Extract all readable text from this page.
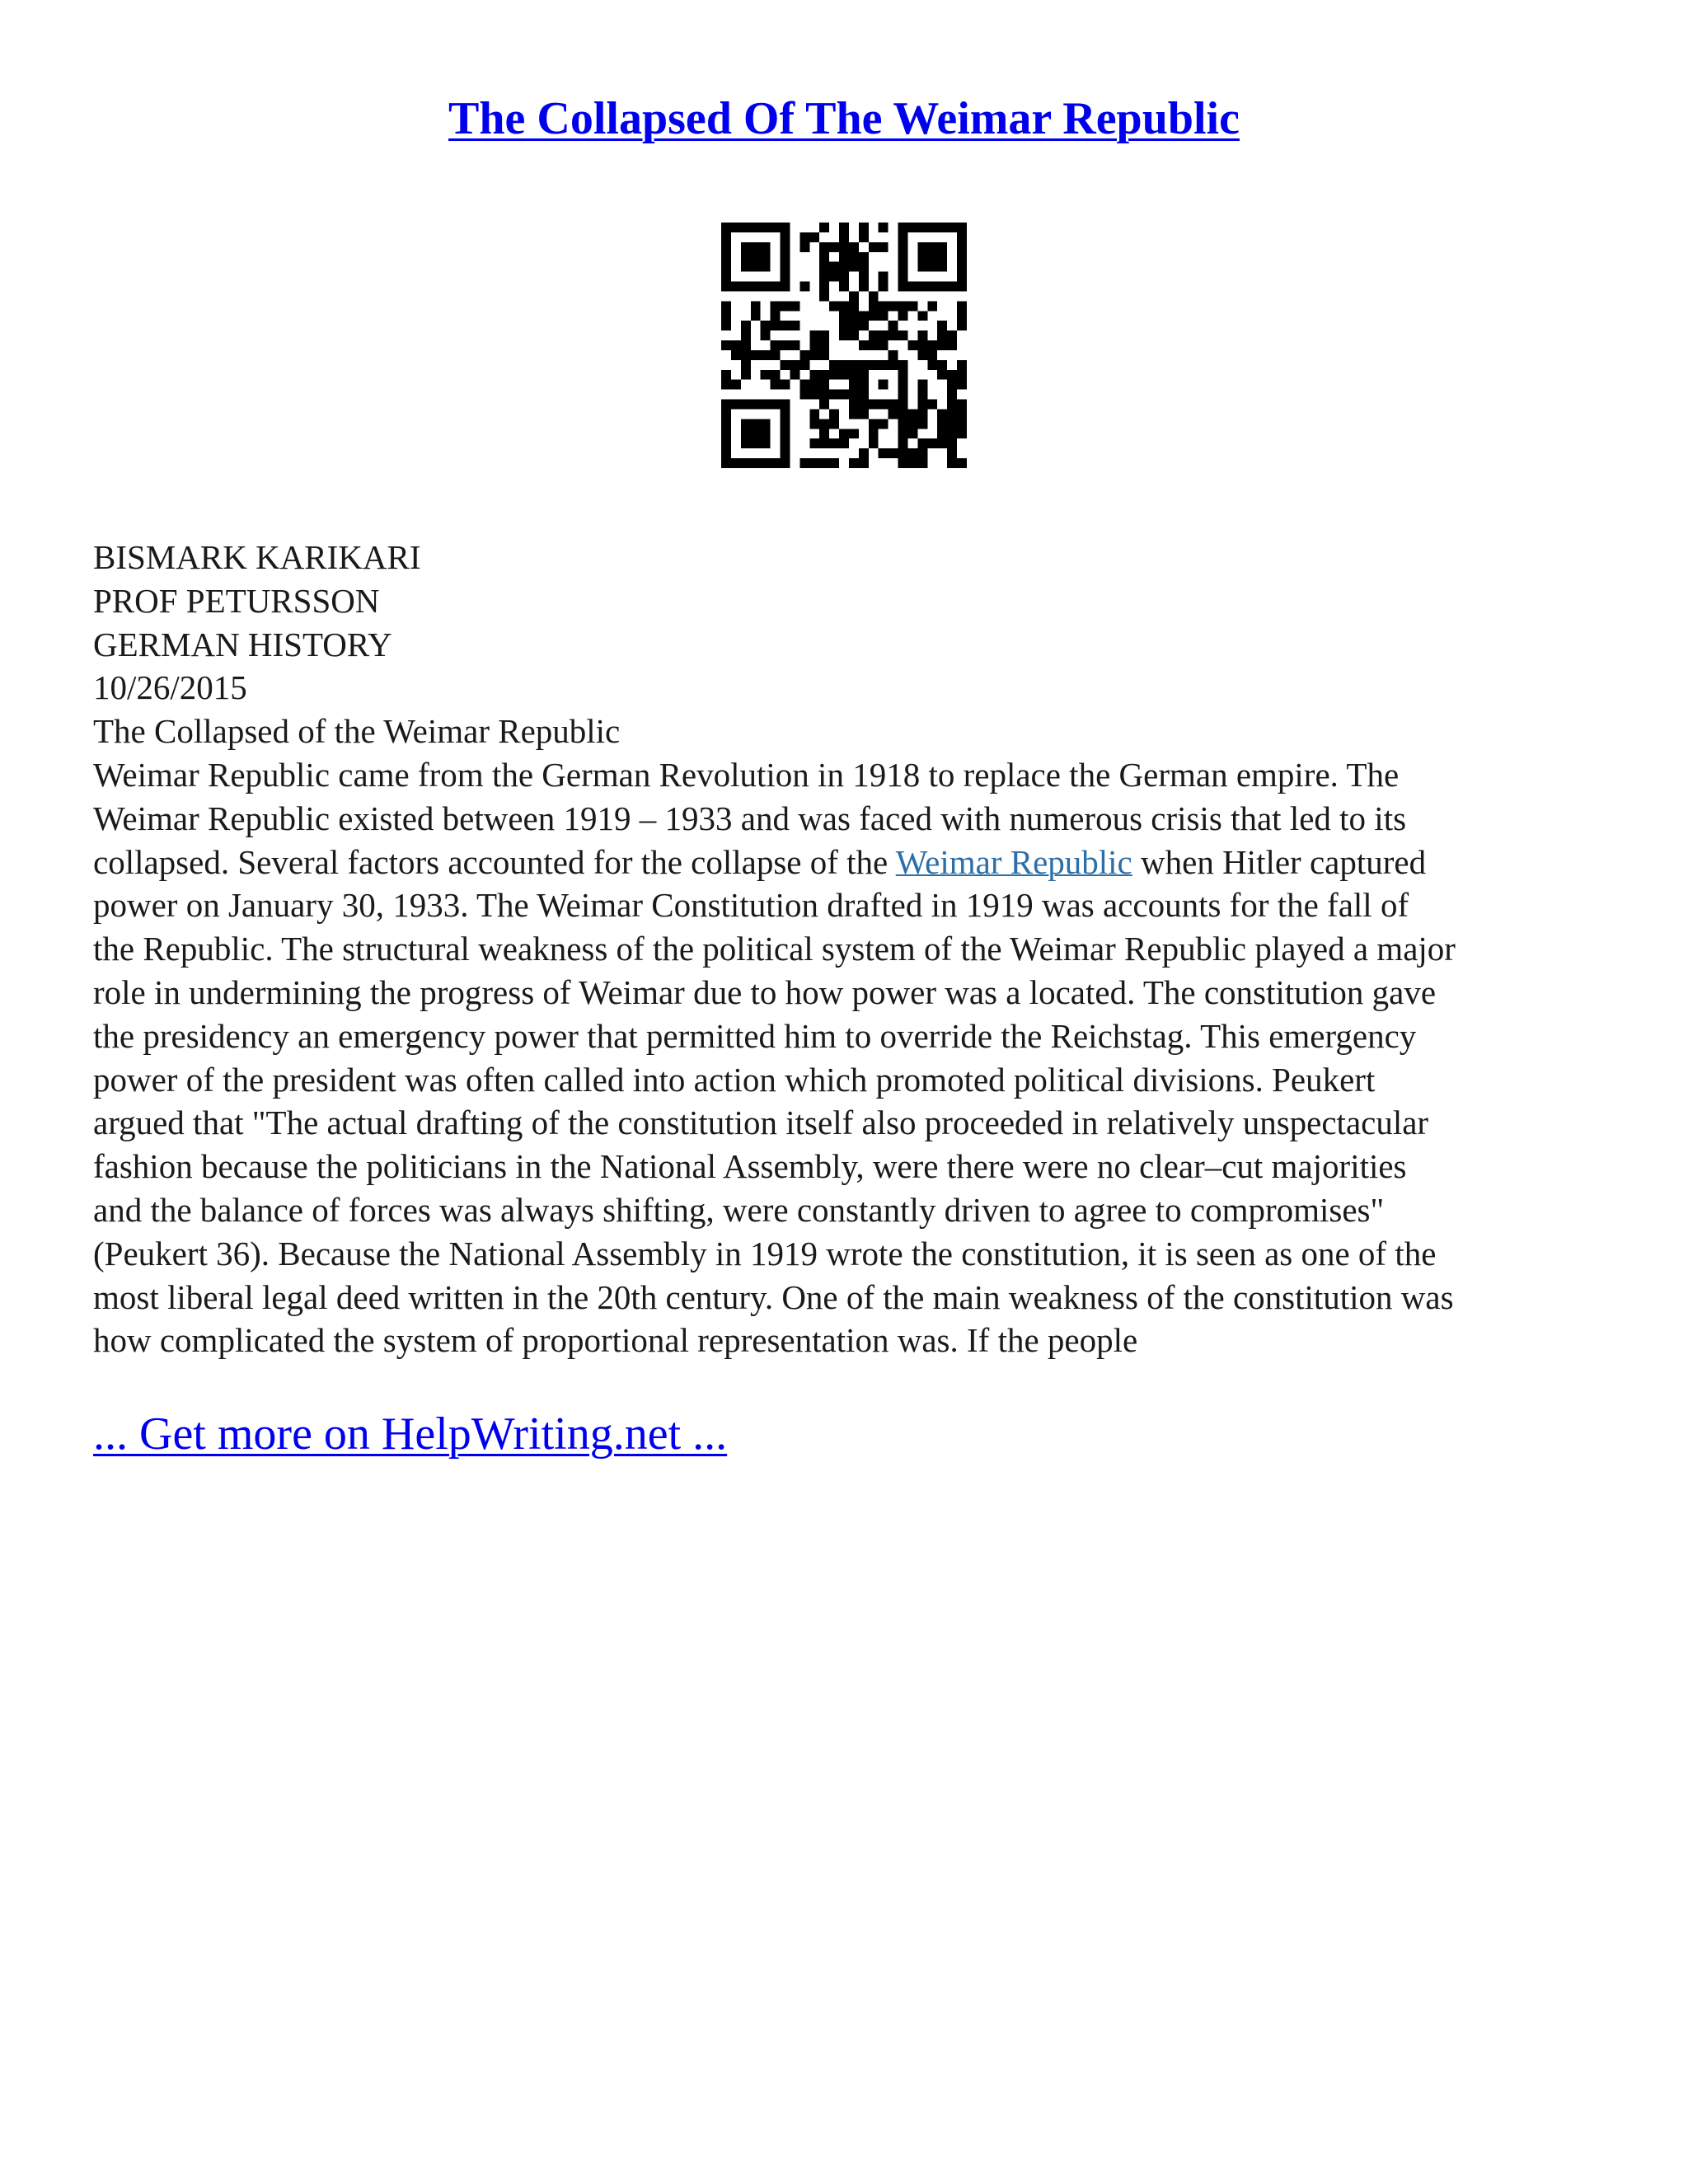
The Collapsed Of The Weimar Republic
BISMARK KARIKARI
PROF PETURSSON
GERMAN HISTORY
10/26/2015
The Collapsed of the Weimar Republic
Weimar Republic came from the German Revolution in 1918 to replace the German empire. The
Weimar Republic existed between 1919 – 1933 and was faced with numerous crisis that led to its
collapsed. Several factors accounted for the collapse of the Weimar Republic when Hitler captured
power on January 30, 1933. The Weimar Constitution drafted in 1919 was accounts for the fall of
the Republic. The structural weakness of the political system of the Weimar Republic played a major
role in undermining the progress of Weimar due to how power was a located. The constitution gave
the presidency an emergency power that permitted him to override the Reichstag. This emergency
power of the president was often called into action which promoted political divisions. Peukert
argued that "The actual drafting of the constitution itself also proceeded in relatively unspectacular
fashion because the politicians in the National Assembly, were there were no clear–cut majorities
and the balance of forces was always shifting, were constantly driven to agree to compromises"
(Peukert 36). Because the National Assembly in 1919 wrote the constitution, it is seen as one of the
most liberal legal deed written in the 20th century. One of the main weakness of the constitution was
how complicated the system of proportional representation was. If the people
... Get more on HelpWriting.net ...
